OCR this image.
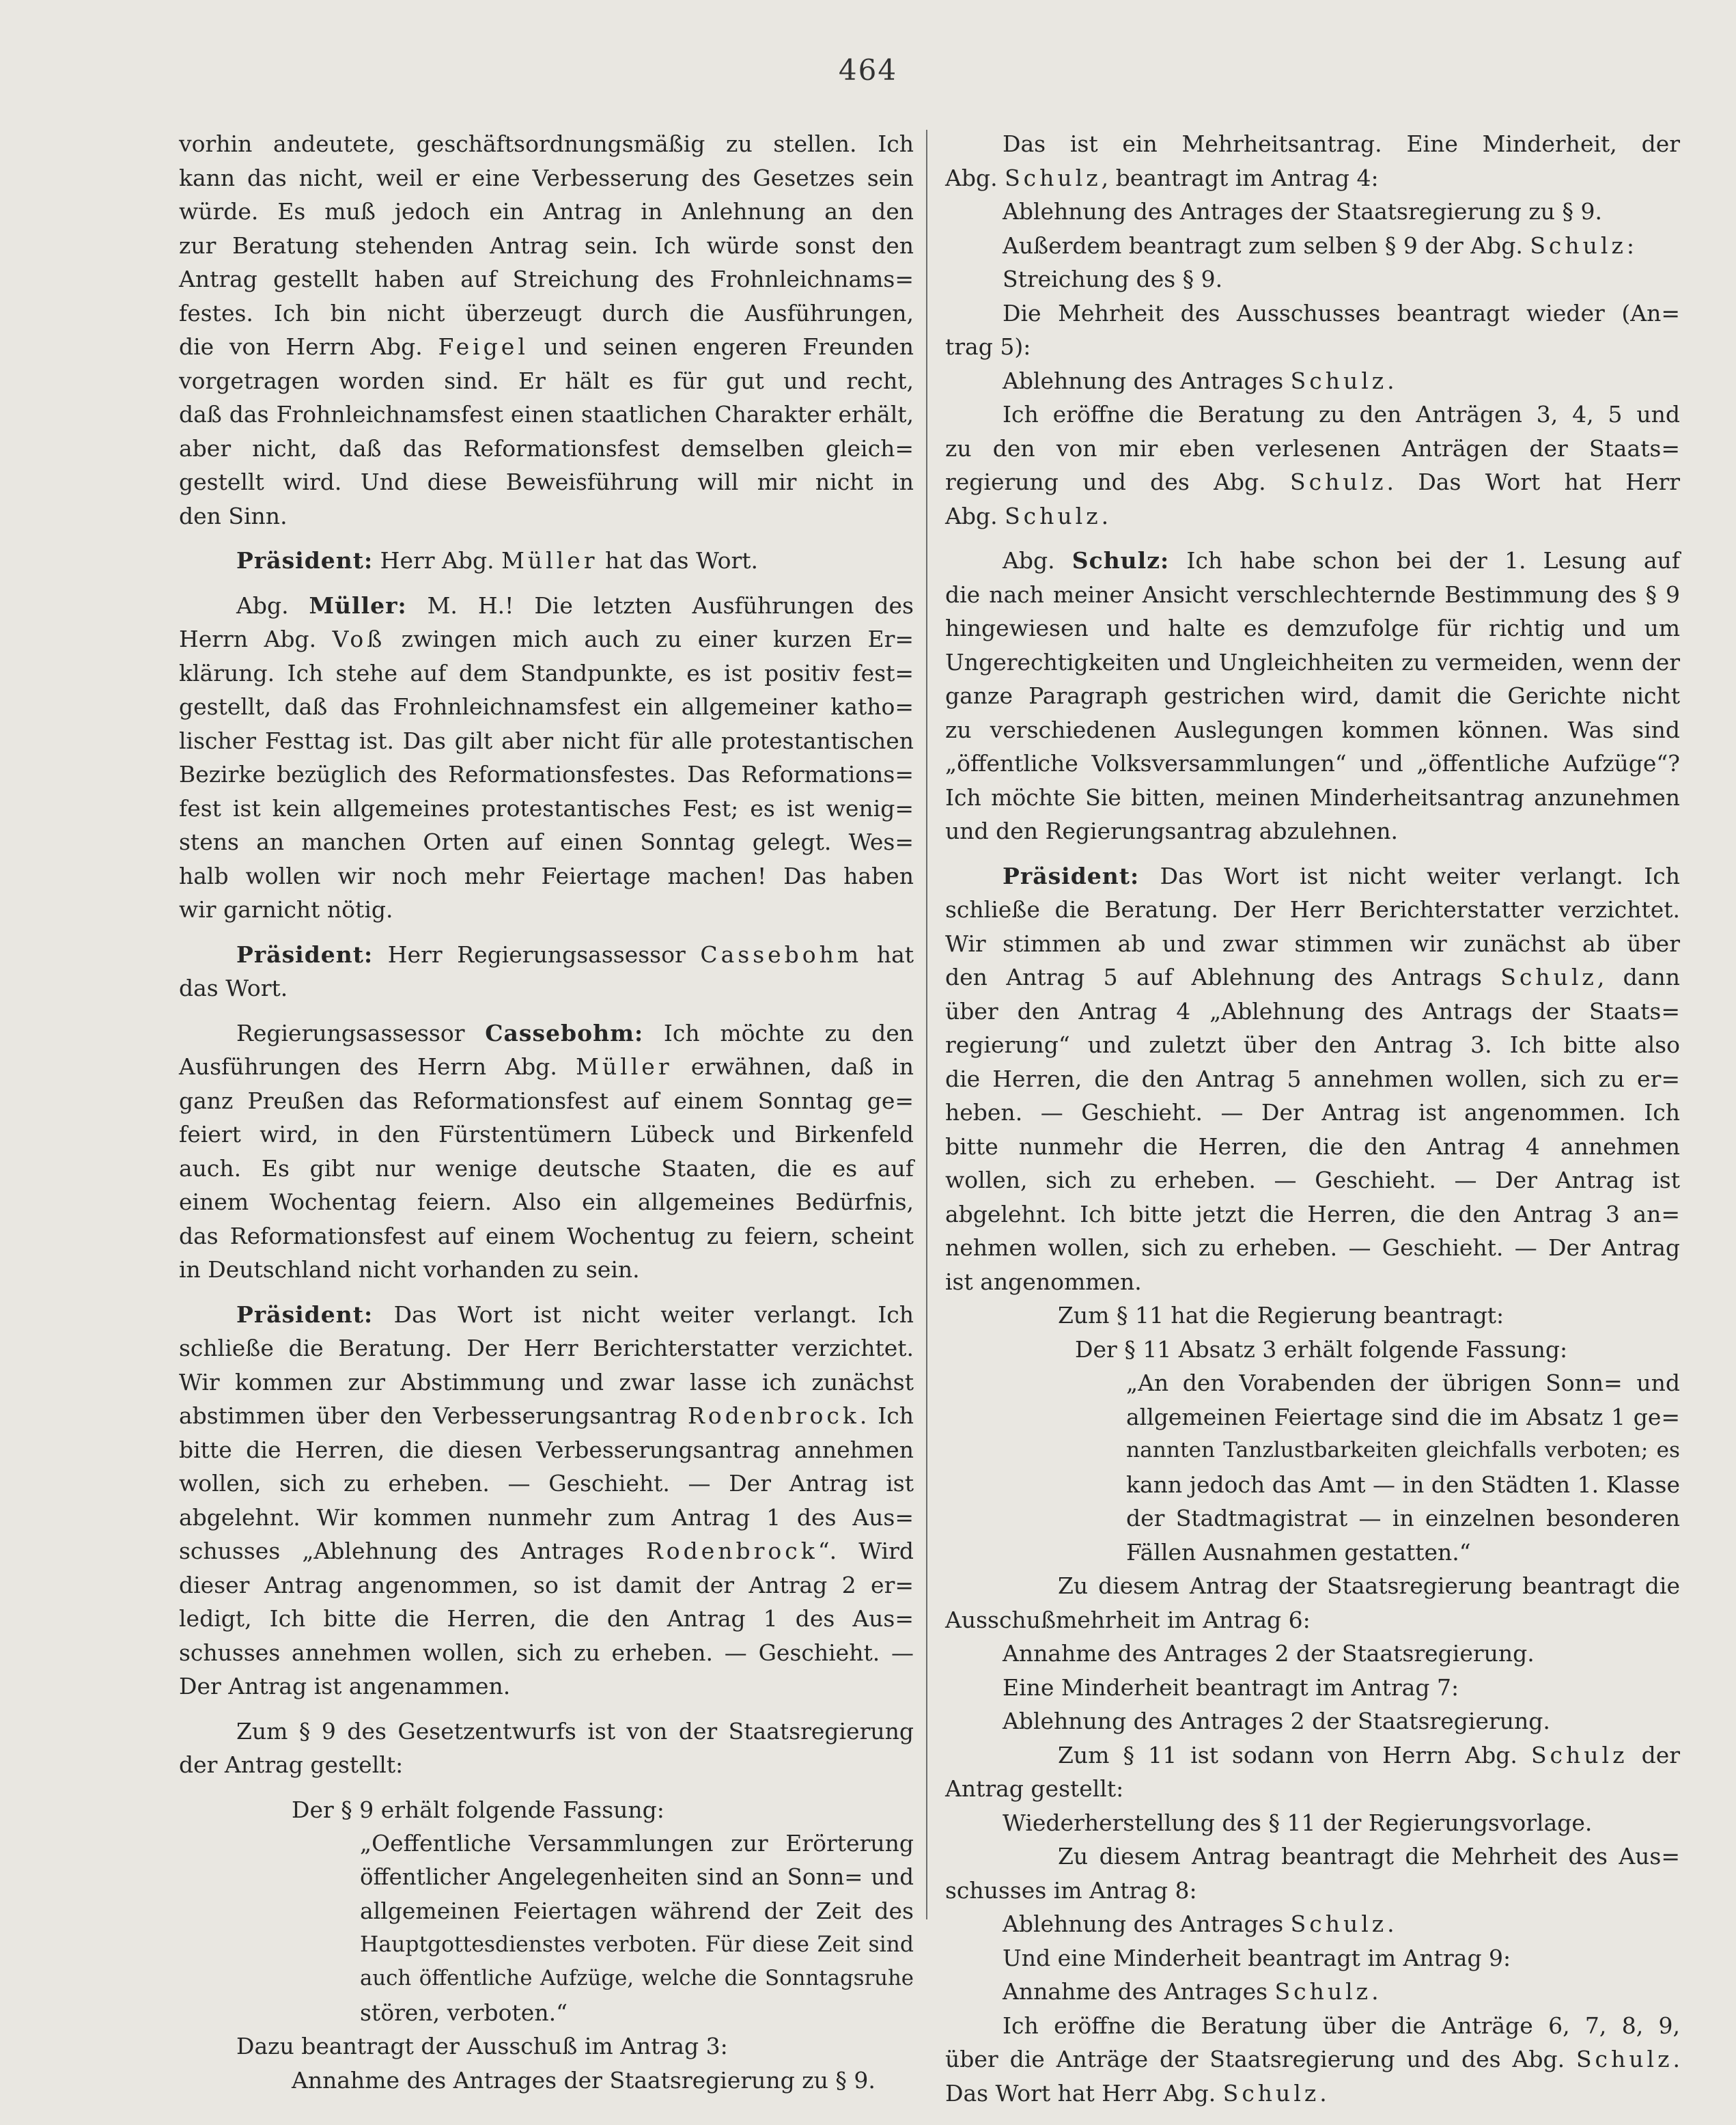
464
vorhin andeutete, geschäftsordnungsmäßig zu stellen. Ich
kann das nicht, weil er eine Verbesserung des Gesetzes sein
würde. Es muß jedoch ein Antrag in Anlehnung an den
zur Beratung stehenden Antrag sein. Ich würde sonst den
Antrag gestellt haben auf Streichung des Frohnleichnams=
festes. Ich bin nicht überzeugt durch die Ausführungen,
die von Herrn Abg. Feigel und seinen engeren Freunden
vorgetragen worden sind. Er hält es für gut und recht,
daß das Frohnleichnamsfest einen staatlichen Charakter erhält,
aber nicht, daß das Reformationsfest demselben gleich=
gestellt wird. Und diese Beweisführung will mir nicht in
den Sinn.
Präsident: Herr Abg. Müller hat das Wort.
Abg. Müller: M. H.! Die letzten Ausführungen des
Herrn Abg. Voß zwingen mich auch zu einer kurzen Er=
klärung. Ich stehe auf dem Standpunkte, es ist positiv fest=
gestellt, daß das Frohnleichnamsfest ein allgemeiner katho=
lischer Festtag ist. Das gilt aber nicht für alle protestantischen
Bezirke bezüglich des Reformationsfestes. Das Reformations=
fest ist kein allgemeines protestantisches Fest; es ist wenig=
stens an manchen Orten auf einen Sonntag gelegt. Wes=
halb wollen wir noch mehr Feiertage machen! Das haben
wir garnicht nötig.
Präsident: Herr Regierungsassessor Cassebohm hat
das Wort.
Regierungsassessor Cassebohm: Ich möchte zu den
Ausführungen des Herrn Abg. Müller erwähnen, daß in
ganz Preußen das Reformationsfest auf einem Sonntag ge=
feiert wird, in den Fürstentümern Lübeck und Birkenfeld
auch. Es gibt nur wenige deutsche Staaten, die es auf
einem Wochentag feiern. Also ein allgemeines Bedürfnis,
das Reformationsfest auf einem Wochentug zu feiern, scheint
in Deutschland nicht vorhanden zu sein.
Präsident: Das Wort ist nicht weiter verlangt. Ich
schließe die Beratung. Der Herr Berichterstatter verzichtet.
Wir kommen zur Abstimmung und zwar lasse ich zunächst
abstimmen über den Verbesserungsantrag Rodenbrock. Ich
bitte die Herren, die diesen Verbesserungsantrag annehmen
wollen, sich zu erheben. — Geschieht. — Der Antrag ist
abgelehnt. Wir kommen nunmehr zum Antrag 1 des Aus=
schusses „Ablehnung des Antrages Rodenbrock“. Wird
dieser Antrag angenommen, so ist damit der Antrag 2 er=
ledigt, Ich bitte die Herren, die den Antrag 1 des Aus=
schusses annehmen wollen, sich zu erheben. — Geschieht. —
Der Antrag ist angenammen.
Zum § 9 des Gesetzentwurfs ist von der Staatsregierung
der Antrag gestellt:
Der § 9 erhält folgende Fassung:
„Oeffentliche Versammlungen zur Erörterung
öffentlicher Angelegenheiten sind an Sonn= und
allgemeinen Feiertagen während der Zeit des
Hauptgottesdienstes verboten. Für diese Zeit sind
auch öffentliche Aufzüge, welche die Sonntagsruhe
stören, verboten.“
Dazu beantragt der Ausschuß im Antrag 3:
Annahme des Antrages der Staatsregierung zu § 9.
Das ist ein Mehrheitsantrag. Eine Minderheit, der
Abg. Schulz, beantragt im Antrag 4:
Ablehnung des Antrages der Staatsregierung zu § 9.
Außerdem beantragt zum selben § 9 der Abg. Schulz:
Streichung des § 9.
Die Mehrheit des Ausschusses beantragt wieder (An=
trag 5):
Ablehnung des Antrages Schulz.
Ich eröffne die Beratung zu den Anträgen 3, 4, 5 und
zu den von mir eben verlesenen Anträgen der Staats=
regierung und des Abg. Schulz. Das Wort hat Herr
Abg. Schulz.
Abg. Schulz: Ich habe schon bei der 1. Lesung auf
die nach meiner Ansicht verschlechternde Bestimmung des § 9
hingewiesen und halte es demzufolge für richtig und um
Ungerechtigkeiten und Ungleichheiten zu vermeiden, wenn der
ganze Paragraph gestrichen wird, damit die Gerichte nicht
zu verschiedenen Auslegungen kommen können. Was sind
„öffentliche Volksversammlungen“ und „öffentliche Aufzüge“?
Ich möchte Sie bitten, meinen Minderheitsantrag anzunehmen
und den Regierungsantrag abzulehnen.
Präsident: Das Wort ist nicht weiter verlangt. Ich
schließe die Beratung. Der Herr Berichterstatter verzichtet.
Wir stimmen ab und zwar stimmen wir zunächst ab über
den Antrag 5 auf Ablehnung des Antrags Schulz, dann
über den Antrag 4 „Ablehnung des Antrags der Staats=
regierung“ und zuletzt über den Antrag 3. Ich bitte also
die Herren, die den Antrag 5 annehmen wollen, sich zu er=
heben. — Geschieht. — Der Antrag ist angenommen. Ich
bitte nunmehr die Herren, die den Antrag 4 annehmen
wollen, sich zu erheben. — Geschieht. — Der Antrag ist
abgelehnt. Ich bitte jetzt die Herren, die den Antrag 3 an=
nehmen wollen, sich zu erheben. — Geschieht. — Der Antrag
ist angenommen.
Zum § 11 hat die Regierung beantragt:
Der § 11 Absatz 3 erhält folgende Fassung:
„An den Vorabenden der übrigen Sonn= und
allgemeinen Feiertage sind die im Absatz 1 ge=
nannten Tanzlustbarkeiten gleichfalls verboten; es
kann jedoch das Amt — in den Städten 1. Klasse
der Stadtmagistrat — in einzelnen besonderen
Fällen Ausnahmen gestatten.“
Zu diesem Antrag der Staatsregierung beantragt die
Ausschußmehrheit im Antrag 6:
Annahme des Antrages 2 der Staatsregierung.
Eine Minderheit beantragt im Antrag 7:
Ablehnung des Antrages 2 der Staatsregierung.
Zum § 11 ist sodann von Herrn Abg. Schulz der
Antrag gestellt:
Wiederherstellung des § 11 der Regierungsvorlage.
Zu diesem Antrag beantragt die Mehrheit des Aus=
schusses im Antrag 8:
Ablehnung des Antrages Schulz.
Und eine Minderheit beantragt im Antrag 9:
Annahme des Antrages Schulz.
Ich eröffne die Beratung über die Anträge 6, 7, 8, 9,
über die Anträge der Staatsregierung und des Abg. Schulz.
Das Wort hat Herr Abg. Schulz.
